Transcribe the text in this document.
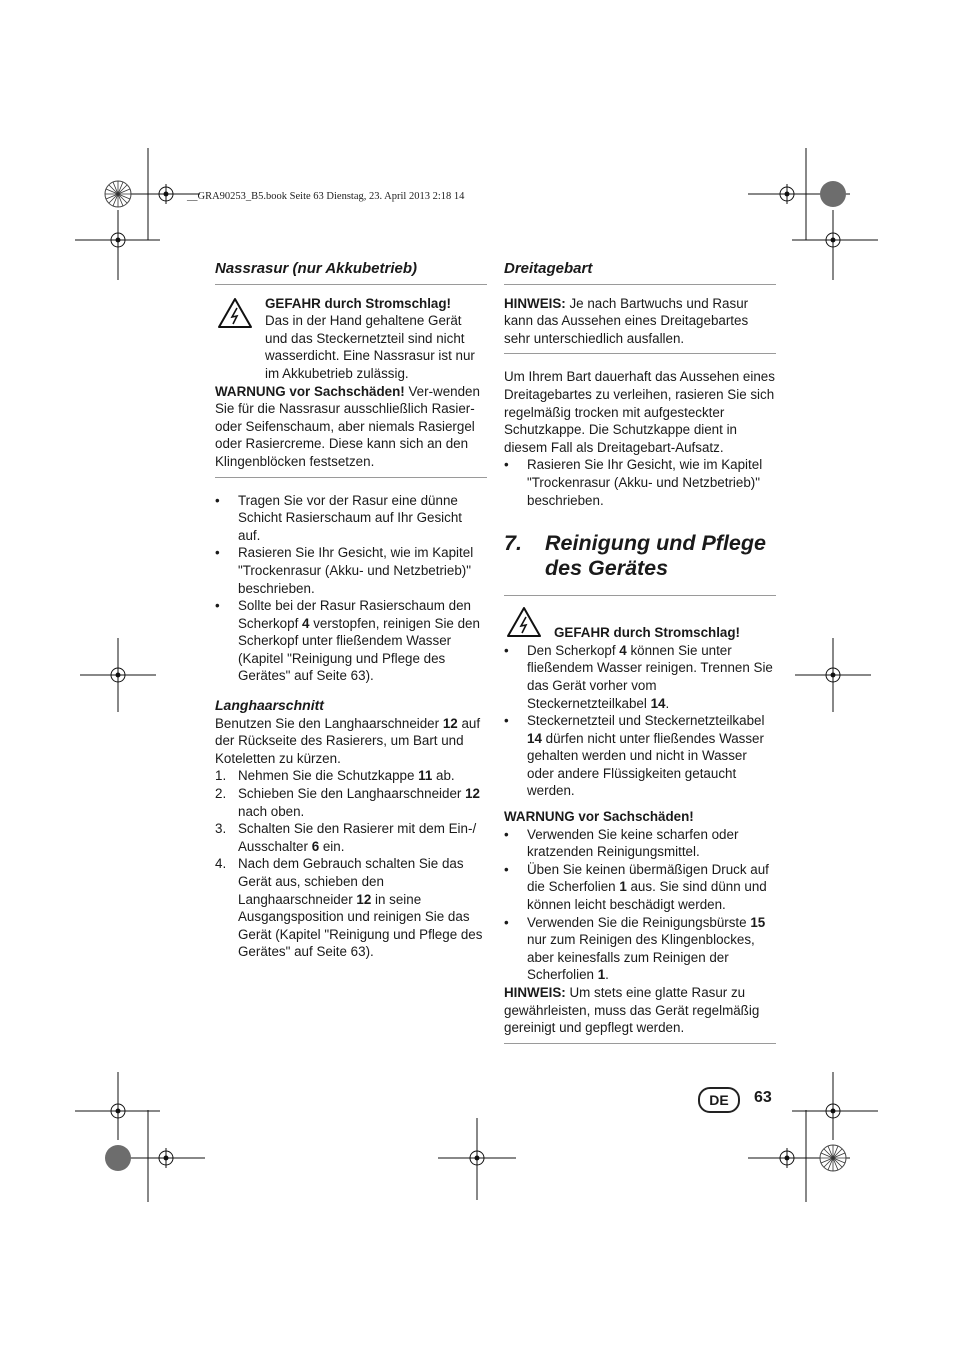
__GRA90253_B5.book Seite 63 Dienstag, 23. April 2013 2:18 14
Nassrasur (nur Akkubetrieb)

GEFAHR durch Stromschlag!

Das in der Hand gehaltene Gerät und das Steckernetzteil sind nicht wasserdicht. Eine Nassrasur ist nur im Akkubetrieb zulässig.

WARNUNG vor Sachschäden! Ver-wenden Sie für die Nassrasur ausschließlich Rasier- oder Seifenschaum, aber niemals Rasiergel oder Rasiercreme. Diese kann sich an den Klingenblöcken festsetzen.

• Tragen Sie vor der Rasur eine dünne Schicht Rasierschaum auf Ihr Gesicht auf.
• Rasieren Sie Ihr Gesicht, wie im Kapitel "Trockenrasur (Akku- und Netzbetrieb)" beschrieben.
• Sollte bei der Rasur Rasierschaum den Scherkopf 4 verstopfen, reinigen Sie den Scherkopf unter fließendem Wasser (Kapitel "Reinigung und Pflege des Gerätes" auf Seite 63).
Langhaarschnitt

Benutzen Sie den Langhaarschneider 12 auf der Rückseite des Rasierers, um Bart und Koteletten zu kürzen.

1. Nehmen Sie die Schutzkappe 11 ab.
2. Schieben Sie den Langhaarschneider 12 nach oben.
3. Schalten Sie den Rasierer mit dem Ein-/ Ausschalter 6 ein.
4. Nach dem Gebrauch schalten Sie das Gerät aus, schieben den Langhaarschneider 12 in seine Ausgangsposition und reinigen Sie das Gerät (Kapitel "Reinigung und Pflege des Gerätes" auf Seite 63).
Dreitagebart

HINWEIS: Je nach Bartwuchs und Rasur kann das Aussehen eines Dreitagebartes sehr unterschiedlich ausfallen.

Um Ihrem Bart dauerhaft das Aussehen eines Dreitagebartes zu verleihen, rasieren Sie sich regelmäßig trocken mit aufgesteckter Schutzkappe. Die Schutzkappe dient in diesem Fall als Dreitagebart-Aufsatz.

• Rasieren Sie Ihr Gesicht, wie im Kapitel "Trockenrasur (Akku- und Netzbetrieb)" beschrieben.
7. Reinigung und Pflege des Gerätes

GEFAHR durch Stromschlag!

• Den Scherkopf 4 können Sie unter fließendem Wasser reinigen. Trennen Sie das Gerät vorher vom Steckernetzteilkabel 14.
• Steckernetzteil und Steckernetzteilkabel 14 dürfen nicht unter fließendes Wasser gehalten werden und nicht in Wasser oder andere Flüssigkeiten getaucht werden.

WARNUNG vor Sachschäden!

• Verwenden Sie keine scharfen oder kratzenden Reinigungsmittel.
• Üben Sie keinen übermäßigen Druck auf die Scherfolien 1 aus. Sie sind dünn und können leicht beschädigt werden.
• Verwenden Sie die Reinigungsbürste 15 nur zum Reinigen des Klingenblockes, aber keinesfalls zum Reinigen der Scherfolien 1.

HINWEIS: Um stets eine glatte Rasur zu gewährleisten, muss das Gerät regelmäßig gereinigt und gepflegt werden.

DE	63
